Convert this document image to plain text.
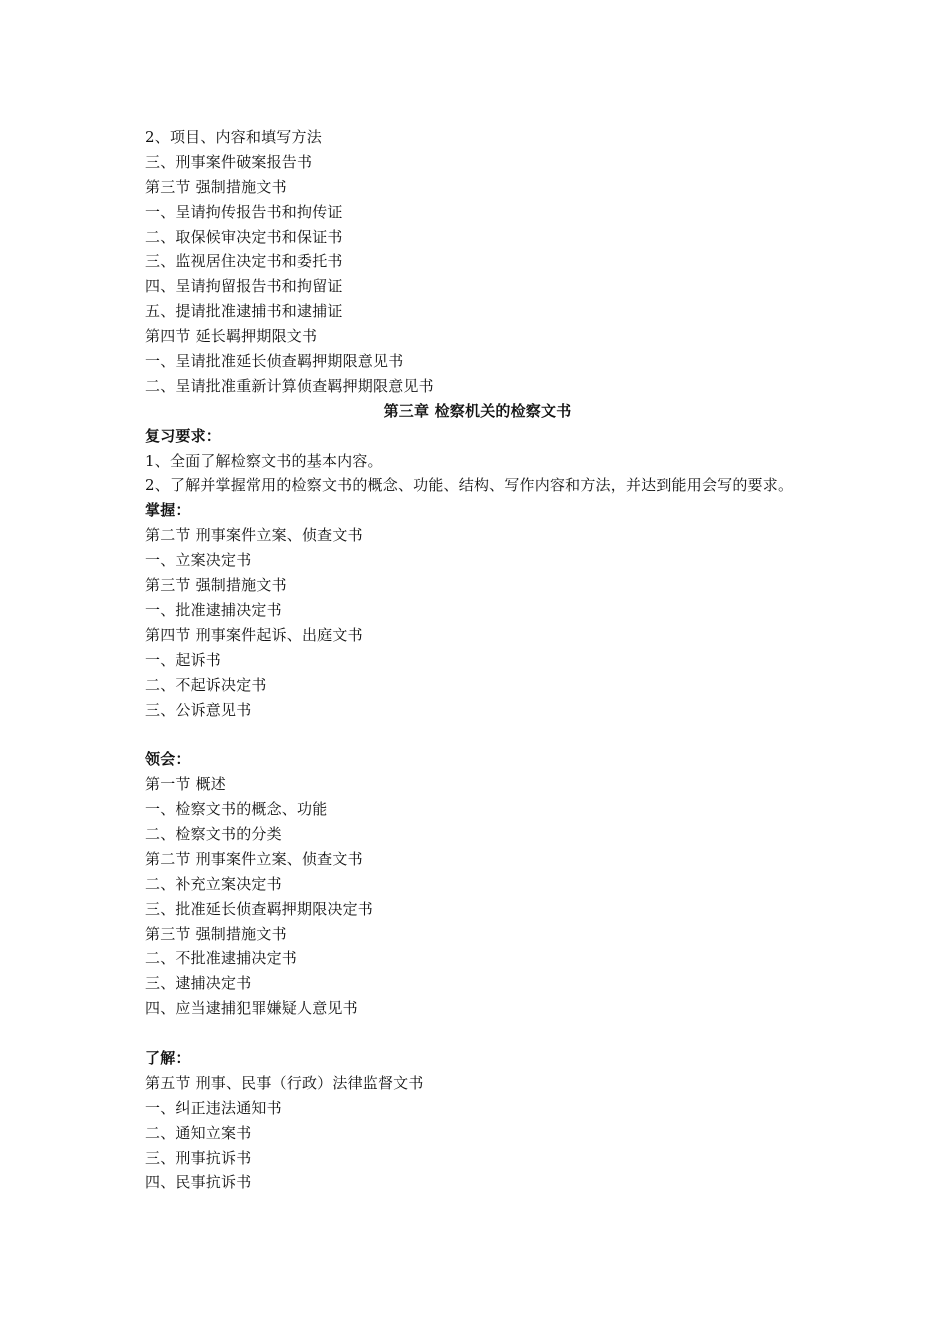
2、项目、内容和填写方法
三、刑事案件破案报告书
第三节 强制措施文书
一、呈请拘传报告书和拘传证
二、取保候审决定书和保证书
三、监视居住决定书和委托书
四、呈请拘留报告书和拘留证
五、提请批准逮捕书和逮捕证
第四节 延长羁押期限文书
一、呈请批准延长侦查羁押期限意见书
二、呈请批准重新计算侦查羁押期限意见书
第三章 检察机关的检察文书
复习要求：
1、全面了解检察文书的基本内容。
2、了解并掌握常用的检察文书的概念、功能、结构、写作内容和方法，并达到能用会写的要求。
掌握：
第二节 刑事案件立案、侦查文书
一、立案决定书
第三节 强制措施文书
一、批准逮捕决定书
第四节 刑事案件起诉、出庭文书
一、起诉书
二、不起诉决定书
三、公诉意见书
领会：
第一节 概述
一、检察文书的概念、功能
二、检察文书的分类
第二节 刑事案件立案、侦查文书
二、补充立案决定书
三、批准延长侦查羁押期限决定书
第三节 强制措施文书
二、不批准逮捕决定书
三、逮捕决定书
四、应当逮捕犯罪嫌疑人意见书
了解：
第五节 刑事、民事（行政）法律监督文书
一、纠正违法通知书
二、通知立案书
三、刑事抗诉书
四、民事抗诉书
